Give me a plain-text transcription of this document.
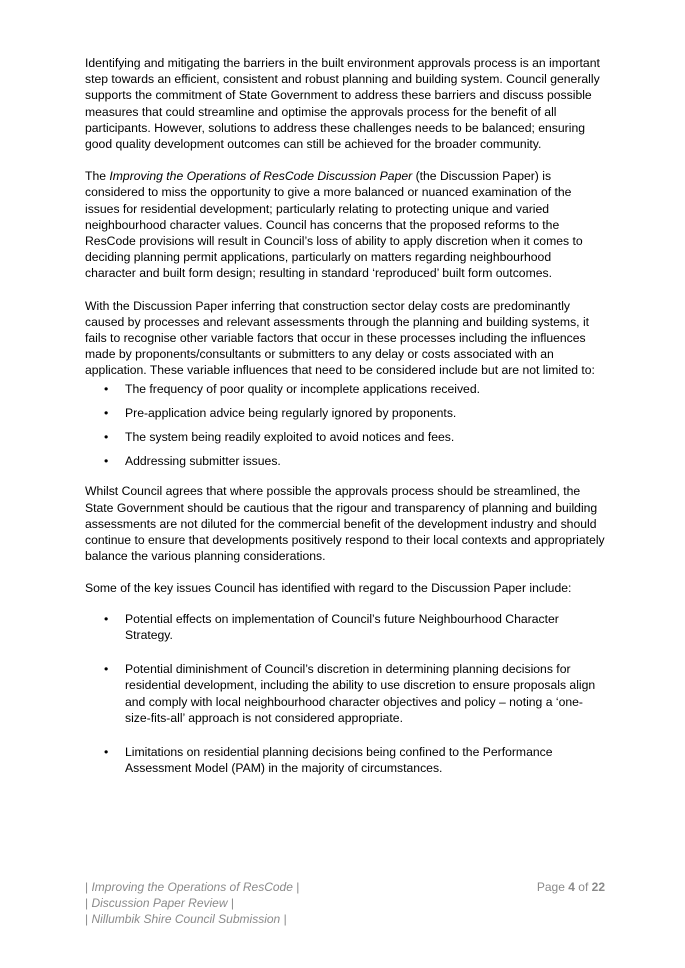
Identifying and mitigating the barriers in the built environment approvals process is an important step towards an efficient, consistent and robust planning and building system. Council generally supports the commitment of State Government to address these barriers and discuss possible measures that could streamline and optimise the approvals process for the benefit of all participants. However, solutions to address these challenges needs to be balanced; ensuring good quality development outcomes can still be achieved for the broader community.

The Improving the Operations of ResCode Discussion Paper (the Discussion Paper) is considered to miss the opportunity to give a more balanced or nuanced examination of the issues for residential development; particularly relating to protecting unique and varied neighbourhood character values. Council has concerns that the proposed reforms to the ResCode provisions will result in Council’s loss of ability to apply discretion when it comes to deciding planning permit applications, particularly on matters regarding neighbourhood character and built form design; resulting in standard ‘reproduced’ built form outcomes.

With the Discussion Paper inferring that construction sector delay costs are predominantly caused by processes and relevant assessments through the planning and building systems, it fails to recognise other variable factors that occur in these processes including the influences made by proponents/consultants or submitters to any delay or costs associated with an application. These variable influences that need to be considered include but are not limited to:

• The frequency of poor quality or incomplete applications received.
• Pre-application advice being regularly ignored by proponents.
• The system being readily exploited to avoid notices and fees.
• Addressing submitter issues.

Whilst Council agrees that where possible the approvals process should be streamlined, the State Government should be cautious that the rigour and transparency of planning and building assessments are not diluted for the commercial benefit of the development industry and should continue to ensure that developments positively respond to their local contexts and appropriately balance the various planning considerations.

Some of the key issues Council has identified with regard to the Discussion Paper include:

• Potential effects on implementation of Council’s future Neighbourhood Character Strategy.
• Potential diminishment of Council’s discretion in determining planning decisions for residential development, including the ability to use discretion to ensure proposals align and comply with local neighbourhood character objectives and policy – noting a ‘one-size-fits-all’ approach is not considered appropriate.
• Limitations on residential planning decisions being confined to the Performance Assessment Model (PAM) in the majority of circumstances.
| Improving the Operations of ResCode |
| Discussion Paper Review |
| Nillumbik Shire Council Submission |
Page 4 of 22
